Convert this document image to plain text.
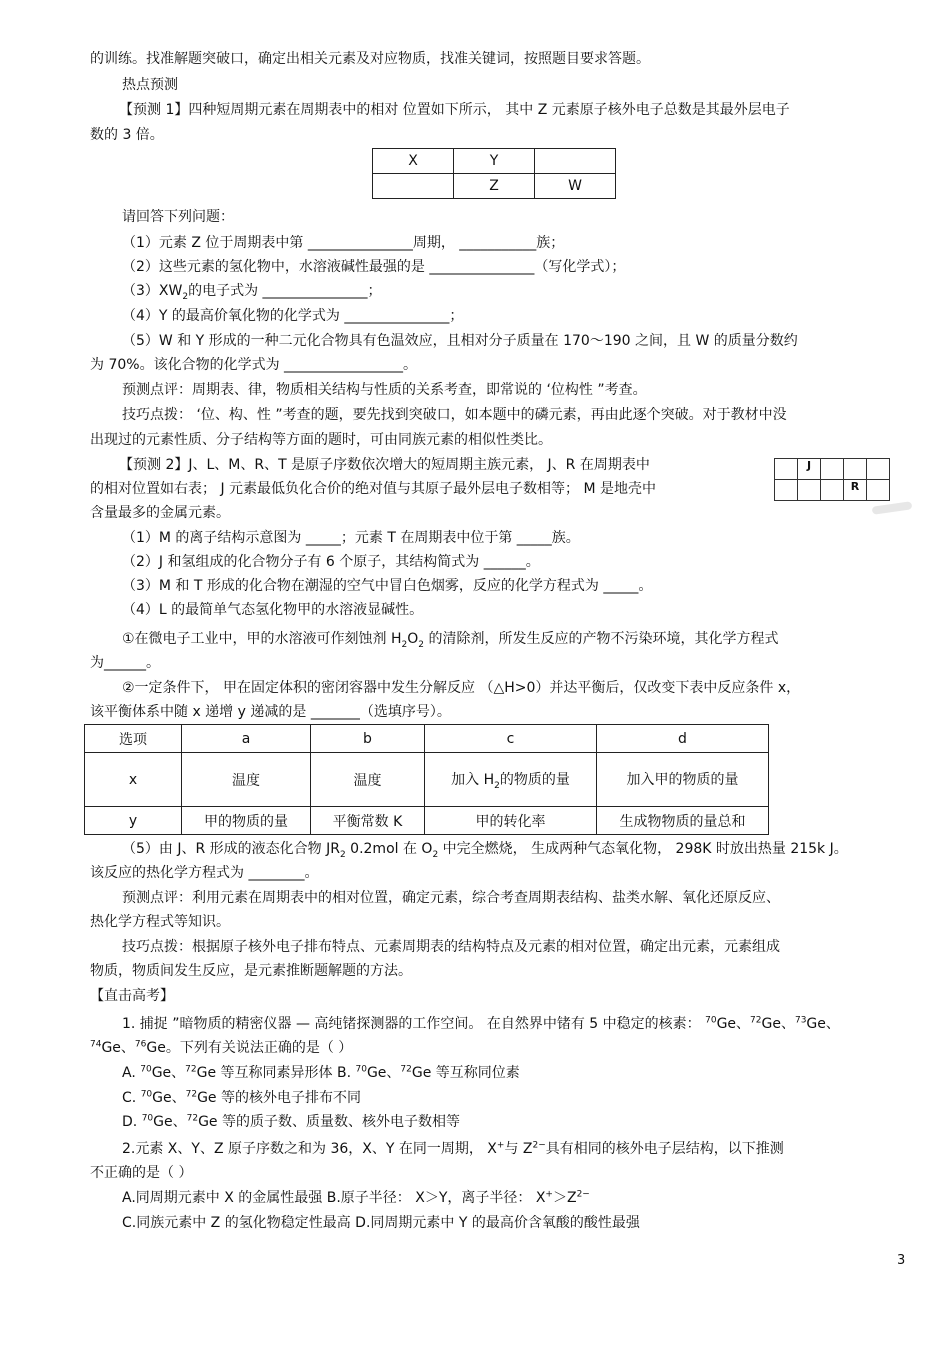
的训练。找准解题突破口，确定出相关元素及对应物质，找准关键词，按照题目要求答题。
热点预测
【预测 1】四种短周期元素在周期表中的相对 位置如下所示， 其中 Z 元素原子核外电子总数是其最外层电子
数的 3 倍。
X	Y	
	Z	W
请回答下列问题：
（1）元素 Z 位于周期表中第 _______________周期， ___________族；
（2）这些元素的氢化物中，水溶液碱性最强的是 _______________（写化学式）；
$(3)XW_2$的电子式为 _______________；
（4）Y 的最高价氧化物的化学式为 _______________；
（5）W 和 Y 形成的一种二元化合物具有色温效应，且相对分子质量在 170～190 之间，且 W 的质量分数约
为 70%。该化合物的化学式为 _________________。
预测点评：周期表、律，物质相关结构与性质的关系考查，即常说的 ‘位构性 ”考查。
技巧点拨： ‘位、构、性 ”考查的题，要先找到突破口，如本题中的磷元素，再由此逐个突破。对于教材中没
出现过的元素性质、分子结构等方面的题时，可由同族元素的相似性类比。
【预测 2】J、L、M、R、T 是原子序数依次增大的短周期主族元素， J、R 在周期表中
的相对位置如右表； J 元素最低负化合价的绝对值与其原子最外层电子数相等； M 是地壳中
含量最多的金属元素。
	J			
			R	
（1）M 的离子结构示意图为 _____；元素 T 在周期表中位于第 _____族。
（2）J 和氢组成的化合物分子有 6 个原子，其结构简式为 ______。
（3）M 和 T 形成的化合物在潮湿的空气中冒白色烟雾，反应的化学方程式为 _____。
（4）L 的最简单气态氢化物甲的水溶液显碱性。
①在微电子工业中，甲的水溶液可作刻蚀剂 $H_2O_2$ 的清除剂，所发生反应的产物不污染环境，其化学方程式
为______。
②一定条件下， 甲在固定体积的密闭容器中发生分解反应 （△H>0）并达平衡后，仅改变下表中反应条件 x，
该平衡体系中随 x 递增 y 递减的是 _______（选填序号）。
选项	a	b	c	d
x	温度	温度	加入 $H_2$的物质的量	加入甲的物质的量
y	甲的物质的量	平衡常数 K	甲的转化率	生成物物质的量总和
（5）由 J、R 形成的液态化合物 $JR_2$ 0.2mol 在 $O_2$ 中完全燃烧， 生成两种气态氧化物， 298K 时放出热量 215k J。
该反应的热化学方程式为 ________。
预测点评：利用元素在周期表中的相对位置，确定元素，综合考查周期表结构、盐类水解、氧化还原反应、
热化学方程式等知识。
技巧点拨：根据原子核外电子排布特点、元素周期表的结构特点及元素的相对位置，确定出元素，元素组成
物质，物质间发生反应，是元素推断题解题的方法。
【直击高考】
1. 捕捉 ”暗物质的精密仪器 — 高纯锗探测器的工作空间。 在自然界中锗有 5 中稳定的核素： $^{70}$Ge、$^{72}$Ge、$^{73}$Ge、
$^{74}$Ge、$^{76}$Ge。下列有关说法正确的是（ ）
A. $^{70}$Ge、$^{72}$Ge 等互称同素异形体 B. $^{70}$Ge、$^{72}$Ge 等互称同位素
C. $^{70}$Ge、$^{72}$Ge 等的核外电子排布不同
D. $^{70}$Ge、$^{72}$Ge 等的质子数、质量数、核外电子数相等
2.元素 X、Y、Z 原子序数之和为 36，X、Y 在同一周期， X+与 $Z^{2-}$具有相同的核外电子层结构，以下推测
不正确的是（ ）
A.同周期元素中 X 的金属性最强 B.原子半径： X＞Y，离子半径： $X^+>Z^{2-}$
C.同族元素中 Z 的氢化物稳定性最高 D.同周期元素中 Y 的最高价含氧酸的酸性最强
3
